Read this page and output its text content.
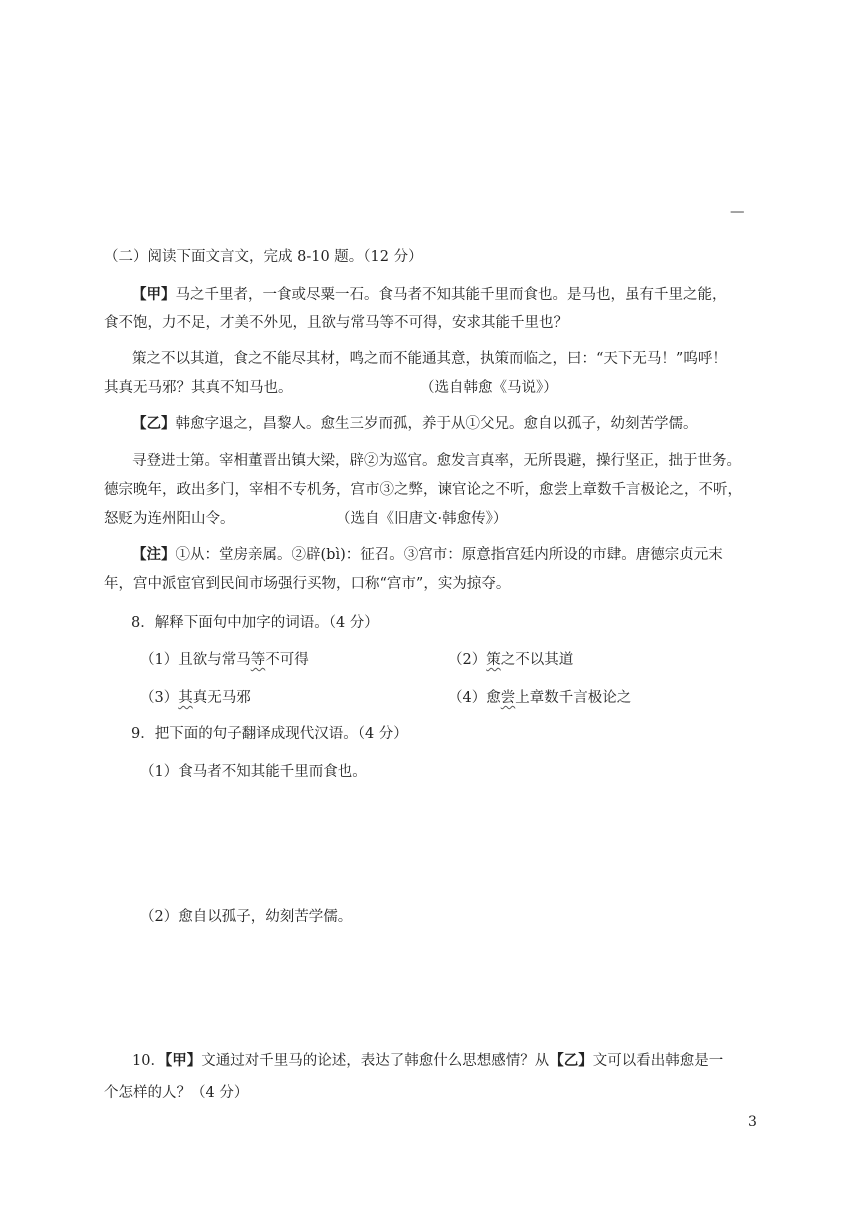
—
（二）阅读下面文言文，完成 8-10 题。（12 分）
【甲】马之千里者，一食或尽粟一石。食马者不知其能千里而食也。是马也，虽有千里之能，
食不饱，力不足，才美不外见，且欲与常马等不可得，安求其能千里也？
策之不以其道，食之不能尽其材，鸣之而不能通其意，执策而临之，曰：“天下无马！”呜呼！
其真无马邪？其真不知马也。	（选自韩愈《马说》）
【乙】韩愈字退之，昌黎人。愈生三岁而孤，养于从①父兄。愈自以孤子，幼刻苦学儒。
寻登进士第。宰相董晋出镇大梁，辟②为巡官。愈发言真率，无所畏避，操行坚正，拙于世务。
德宗晚年，政出多门，宰相不专机务，宫市③之弊，谏官论之不听，愈尝上章数千言极论之，不听，
怒贬为连州阳山令。	（选自《旧唐文·韩愈传》）
【注】①从：堂房亲属。②辟(bì)：征召。③宫市：原意指宫廷内所设的市肆。唐德宗贞元末
年，宫中派宦官到民间市场强行买物，口称“宫市”，实为掠夺。
8．解释下面句中加字的词语。（4 分）
（1）且欲与常马等不可得	（2）策之不以其道
（3）其真无马邪	（4）愈尝上章数千言极论之
9．把下面的句子翻译成现代汉语。（4 分）
（1）食马者不知其能千里而食也。
（2）愈自以孤子，幼刻苦学儒。
10．【甲】文通过对千里马的论述，表达了韩愈什么思想感情？从【乙】文可以看出韩愈是一
个怎样的人？（4 分）
3
